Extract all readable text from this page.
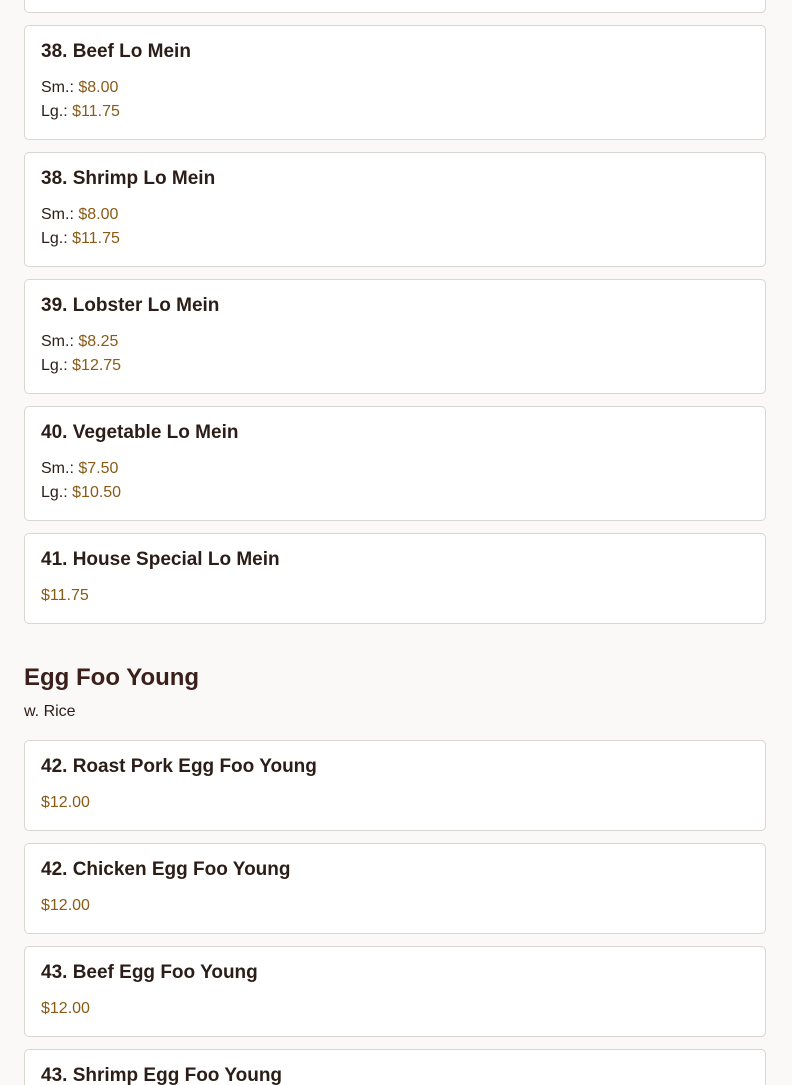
38. Beef Lo Mein
Sm.: $8.00
Lg.: $11.75
38. Shrimp Lo Mein
Sm.: $8.00
Lg.: $11.75
39. Lobster Lo Mein
Sm.: $8.25
Lg.: $12.75
40. Vegetable Lo Mein
Sm.: $7.50
Lg.: $10.50
41. House Special Lo Mein
$11.75
Egg Foo Young
w. Rice
42. Roast Pork Egg Foo Young
$12.00
42. Chicken Egg Foo Young
$12.00
43. Beef Egg Foo Young
$12.00
43. Shrimp Egg Foo Young
